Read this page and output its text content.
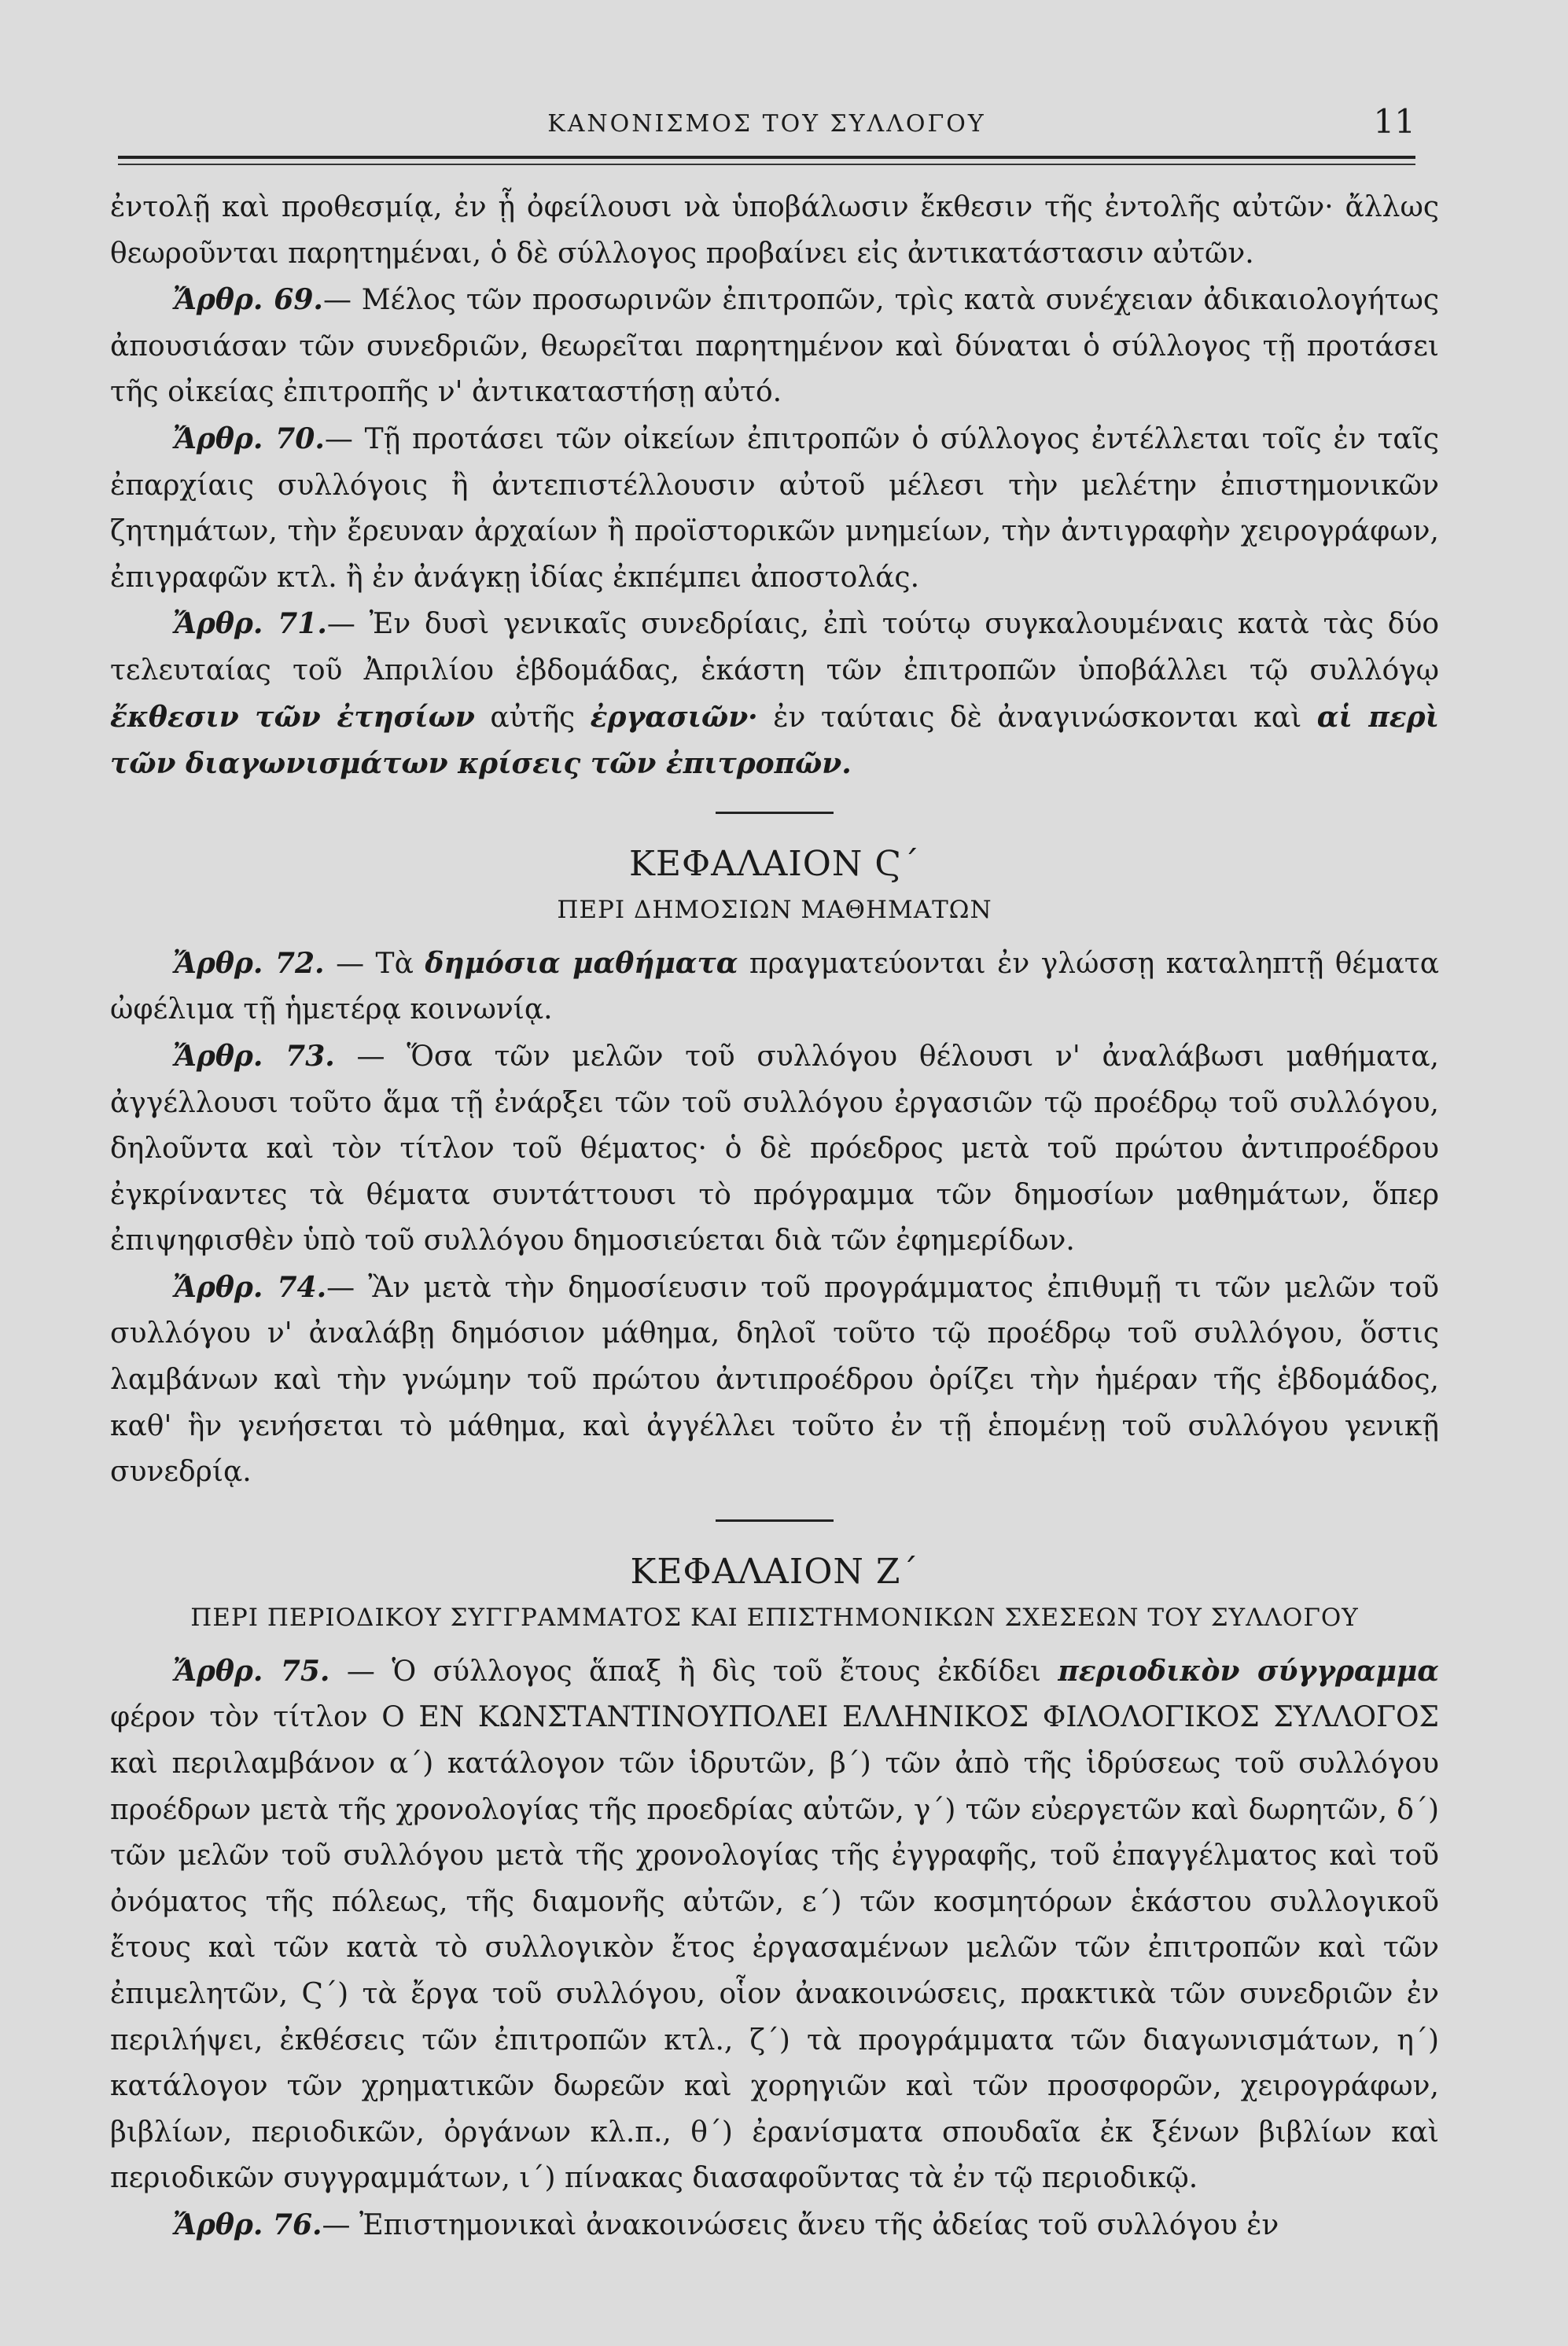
ΚΑΝΟΝΙΣΜΟΣ ΤΟΥ ΣΥΛΛΟΓΟΥ	11

ἐντολῇ καὶ προθεσμίᾳ, ἐν ᾗ ὀφείλουσι νὰ ὑποβάλωσιν ἔκθεσιν τῆς ἐντολῆς αὐτῶν· ἄλλως θεωροῦνται παρητημέναι, ὁ δὲ σύλλογος προβαίνει εἰς ἀντικατάστασιν αὐτῶν.

Ἄρθρ. 69.— Μέλος τῶν προσωρινῶν ἐπιτροπῶν, τρὶς κατὰ συνέχειαν ἀδικαιολογήτως ἀπουσιάσαν τῶν συνεδριῶν, θεωρεῖται παρητημένον καὶ δύναται ὁ σύλλογος τῇ προτάσει τῆς οἰκείας ἐπιτροπῆς ν' ἀντικαταστήσῃ αὐτό.

Ἄρθρ. 70.— Τῇ προτάσει τῶν οἰκείων ἐπιτροπῶν ὁ σύλλογος ἐντέλλεται τοῖς ἐν ταῖς ἐπαρχίαις συλλόγοις ἢ ἀντεπιστέλλουσιν αὐτοῦ μέλεσι τὴν μελέτην ἐπιστημονικῶν ζητημάτων, τὴν ἔρευναν ἀρχαίων ἢ προϊστορικῶν μνημείων, τὴν ἀντιγραφὴν χειρογράφων, ἐπιγραφῶν κτλ. ἢ ἐν ἀνάγκῃ ἰδίας ἐκπέμπει ἀποστολάς.

Ἄρθρ. 71.— Ἐν δυσὶ γενικαῖς συνεδρίαις, ἐπὶ τούτῳ συγκαλουμέναις κατὰ τὰς δύο τελευταίας τοῦ Ἀπριλίου ἑβδομάδας, ἑκάστη τῶν ἐπιτροπῶν ὑποβάλλει τῷ συλλόγῳ ἔκθεσιν τῶν ἐτησίων αὐτῆς ἐργασιῶν· ἐν ταύταις δὲ ἀναγινώσκονται καὶ αἱ περὶ τῶν διαγωνισμάτων κρίσεις τῶν ἐπιτροπῶν.

ΚΕΦΑΛΑΙΟΝ Ϛ΄
ΠΕΡΙ ΔΗΜΟΣΙΩΝ ΜΑΘΗΜΑΤΩΝ

Ἄρθρ. 72. — Τὰ δημόσια μαθήματα πραγματεύονται ἐν γλώσσῃ καταληπτῇ θέματα ὠφέλιμα τῇ ἡμετέρᾳ κοινωνίᾳ.

Ἄρθρ. 73. — Ὅσα τῶν μελῶν τοῦ συλλόγου θέλουσι ν' ἀναλάβωσι μαθήματα, ἀγγέλλουσι τοῦτο ἅμα τῇ ἐνάρξει τῶν τοῦ συλλόγου ἐργασιῶν τῷ προέδρῳ τοῦ συλλόγου, δηλοῦντα καὶ τὸν τίτλον τοῦ θέματος· ὁ δὲ πρόεδρος μετὰ τοῦ πρώτου ἀντιπροέδρου ἐγκρίναντες τὰ θέματα συντάττουσι τὸ πρόγραμμα τῶν δημοσίων μαθημάτων, ὅπερ ἐπιψηφισθὲν ὑπὸ τοῦ συλλόγου δημοσιεύεται διὰ τῶν ἐφημερίδων.

Ἄρθρ. 74.— Ἂν μετὰ τὴν δημοσίευσιν τοῦ προγράμματος ἐπιθυμῇ τι τῶν μελῶν τοῦ συλλόγου ν' ἀναλάβῃ δημόσιον μάθημα, δηλοῖ τοῦτο τῷ προέδρῳ τοῦ συλλόγου, ὅστις λαμβάνων καὶ τὴν γνώμην τοῦ πρώτου ἀντιπροέδρου ὁρίζει τὴν ἡμέραν τῆς ἑβδομάδος, καθ' ἣν γενήσεται τὸ μάθημα, καὶ ἀγγέλλει τοῦτο ἐν τῇ ἑπομένῃ τοῦ συλλόγου γενικῇ συνεδρίᾳ.

ΚΕΦΑΛΑΙΟΝ Ζ΄
ΠΕΡΙ ΠΕΡΙΟΔΙΚΟΥ ΣΥΓΓΡΑΜΜΑΤΟΣ ΚΑΙ ΕΠΙΣΤΗΜΟΝΙΚΩΝ ΣΧΕΣΕΩΝ ΤΟΥ ΣΥΛΛΟΓΟΥ

Ἄρθρ. 75. — Ὁ σύλλογος ἅπαξ ἢ δὶς τοῦ ἔτους ἐκδίδει περιοδικὸν σύγγραμμα φέρον τὸν τίτλον Ο ΕΝ ΚΩΝΣΤΑΝΤΙΝΟΥΠΟΛΕΙ ΕΛΛΗΝΙΚΟΣ ΦΙΛΟΛΟΓΙΚΟΣ ΣΥΛΛΟΓΟΣ καὶ περιλαμβάνον α΄) κατάλογον τῶν ἱδρυτῶν, β΄) τῶν ἀπὸ τῆς ἱδρύσεως τοῦ συλλόγου προέδρων μετὰ τῆς χρονολογίας τῆς προεδρίας αὐτῶν, γ΄) τῶν εὐεργετῶν καὶ δωρητῶν, δ΄) τῶν μελῶν τοῦ συλλόγου μετὰ τῆς χρονολογίας τῆς ἐγγραφῆς, τοῦ ἐπαγγέλματος καὶ τοῦ ὀνόματος τῆς πόλεως, τῆς διαμονῆς αὐτῶν, ε΄) τῶν κοσμητόρων ἑκάστου συλλογικοῦ ἔτους καὶ τῶν κατὰ τὸ συλλογικὸν ἔτος ἐργασαμένων μελῶν τῶν ἐπιτροπῶν καὶ τῶν ἐπιμελητῶν, Ϛ΄) τὰ ἔργα τοῦ συλλόγου, οἷον ἀνακοινώσεις, πρακτικὰ τῶν συνεδριῶν ἐν περιλήψει, ἐκθέσεις τῶν ἐπιτροπῶν κτλ., ζ΄) τὰ προγράμματα τῶν διαγωνισμάτων, η΄) κατάλογον τῶν χρηματικῶν δωρεῶν καὶ χορηγιῶν καὶ τῶν προσφορῶν, χειρογράφων, βιβλίων, περιοδικῶν, ὀργάνων κλ.π., θ΄) ἐρανίσματα σπουδαῖα ἐκ ξένων βιβλίων καὶ περιοδικῶν συγγραμμάτων, ι΄) πίνακας διασαφοῦντας τὰ ἐν τῷ περιοδικῷ.

Ἄρθρ. 76.— Ἐπιστημονικαὶ ἀνακοινώσεις ἄνευ τῆς ἀδείας τοῦ συλλόγου ἐν
